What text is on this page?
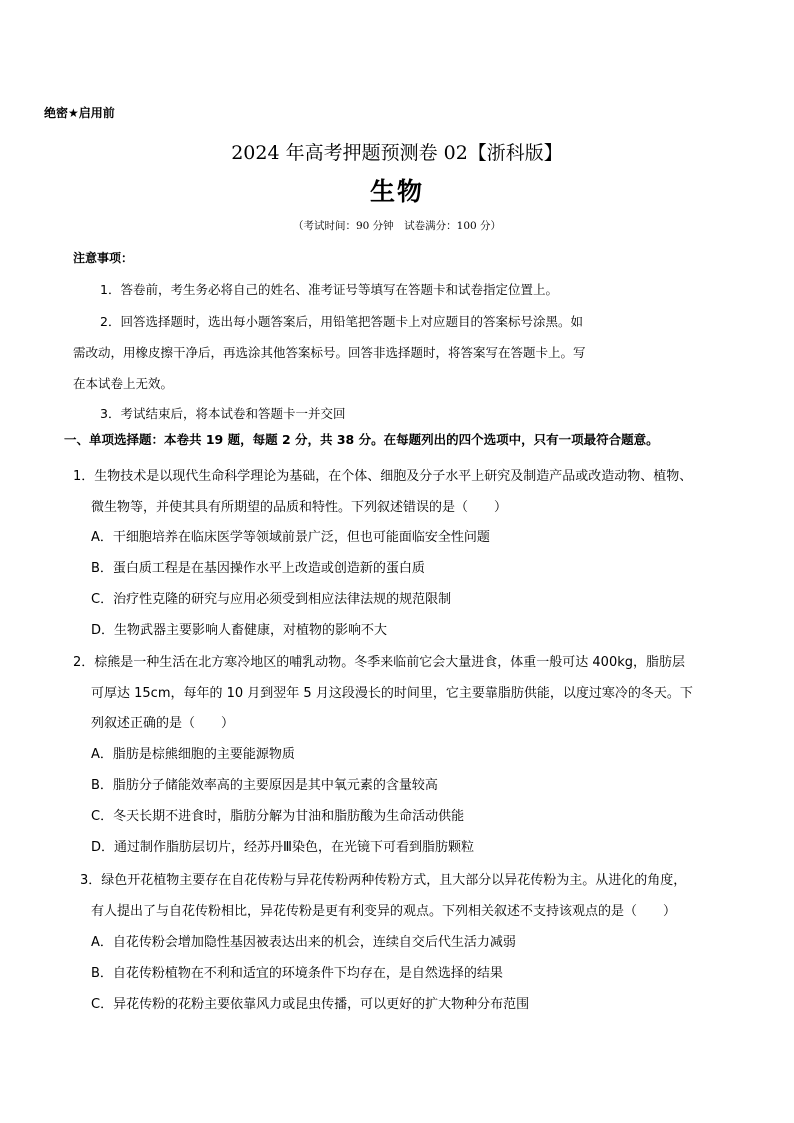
绝密★启用前
2024 年高考押题预测卷 02【浙科版】
生物
（考试时间：90 分钟　试卷满分：100 分）
注意事项：
1．答卷前，考生务必将自己的姓名、准考证号等填写在答题卡和试卷指定位置上。
2．回答选择题时，选出每小题答案后，用铅笔把答题卡上对应题目的答案标号涂黑。如
需改动，用橡皮擦干净后，再选涂其他答案标号。回答非选择题时，将答案写在答题卡上。写
在本试卷上无效。
3．考试结束后，将本试卷和答题卡一并交回
一、单项选择题：本卷共 19 题，每题 2 分，共 38 分。在每题列出的四个选项中，只有一项最符合题意。
1．生物技术是以现代生命科学理论为基础，在个体、细胞及分子水平上研究及制造产品或改造动物、植物、
微生物等，并使其具有所期望的品质和特性。下列叙述错误的是（　　）
A．干细胞培养在临床医学等领域前景广泛，但也可能面临安全性问题
B．蛋白质工程是在基因操作水平上改造或创造新的蛋白质
C．治疗性克隆的研究与应用必须受到相应法律法规的规范限制
D．生物武器主要影响人畜健康，对植物的影响不大
2．棕熊是一种生活在北方寒冷地区的哺乳动物。冬季来临前它会大量进食，体重一般可达 400kg，脂肪层
可厚达 15cm，每年的 10 月到翌年 5 月这段漫长的时间里，它主要靠脂肪供能，以度过寒冷的冬天。下
列叙述正确的是（　　）
A．脂肪是棕熊细胞的主要能源物质
B．脂肪分子储能效率高的主要原因是其中氧元素的含量较高
C．冬天长期不进食时，脂肪分解为甘油和脂肪酸为生命活动供能
D．通过制作脂肪层切片，经苏丹Ⅲ染色，在光镜下可看到脂肪颗粒
3．绿色开花植物主要存在自花传粉与异花传粉两种传粉方式，且大部分以异花传粉为主。从进化的角度，
有人提出了与自花传粉相比，异花传粉是更有利变异的观点。下列相关叙述不支持该观点的是（　　）
A．自花传粉会增加隐性基因被表达出来的机会，连续自交后代生活力减弱
B．自花传粉植物在不利和适宜的环境条件下均存在，是自然选择的结果
C．异花传粉的花粉主要依靠风力或昆虫传播，可以更好的扩大物种分布范围
